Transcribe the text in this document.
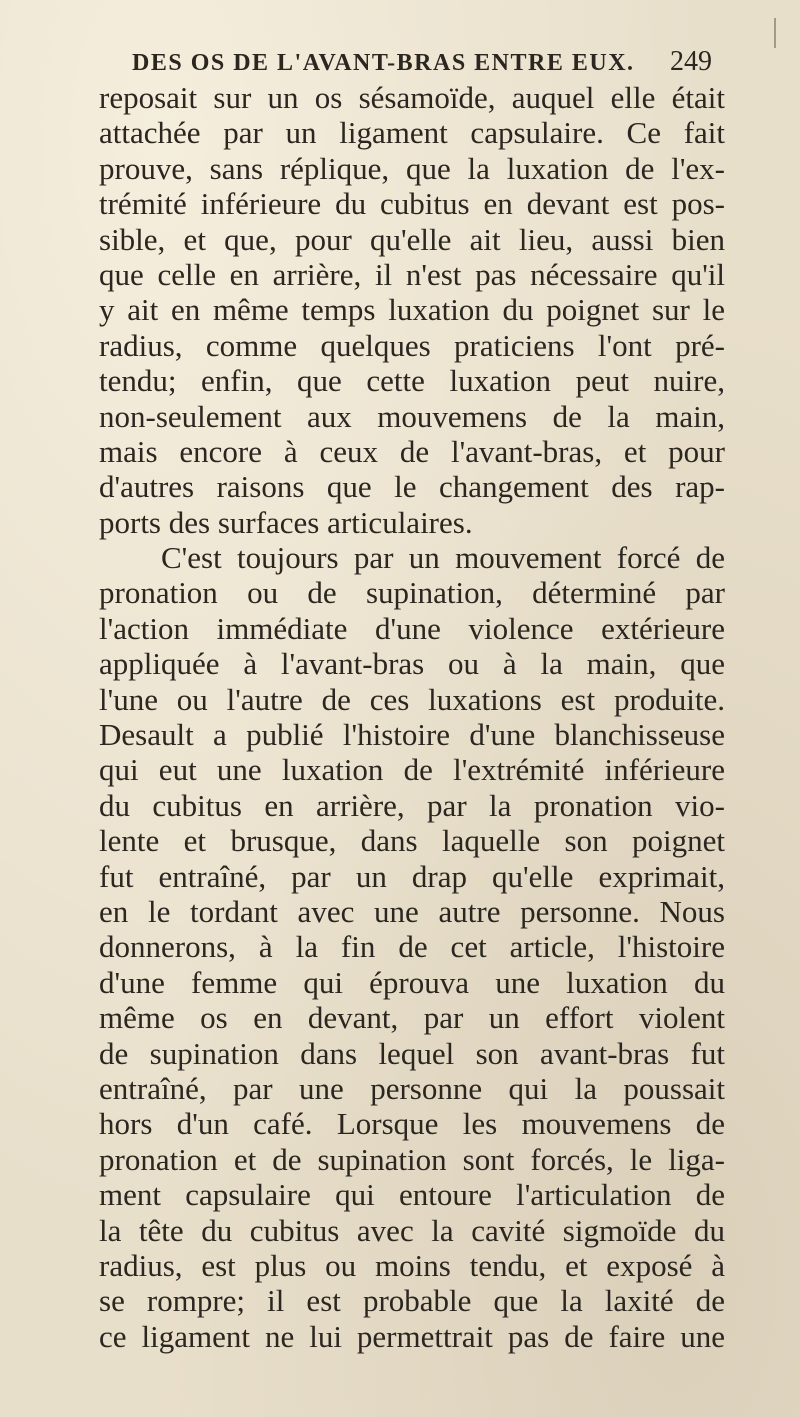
DES OS DE L'AVANT-BRAS ENTRE EUX. 249
reposait sur un os sésamoïde, auquel elle était
attachée par un ligament capsulaire. Ce fait
prouve, sans réplique, que la luxation de l'ex-
trémité inférieure du cubitus en devant est pos-
sible, et que, pour qu'elle ait lieu, aussi bien
que celle en arrière, il n'est pas nécessaire qu'il
y ait en même temps luxation du poignet sur le
radius, comme quelques praticiens l'ont pré-
tendu; enfin, que cette luxation peut nuire,
non-seulement aux mouvemens de la main,
mais encore à ceux de l'avant-bras, et pour
d'autres raisons que le changement des rap-
ports des surfaces articulaires.
C'est toujours par un mouvement forcé de
pronation ou de supination, déterminé par
l'action immédiate d'une violence extérieure
appliquée à l'avant-bras ou à la main, que
l'une ou l'autre de ces luxations est produite.
Desault a publié l'histoire d'une blanchisseuse
qui eut une luxation de l'extrémité inférieure
du cubitus en arrière, par la pronation vio-
lente et brusque, dans laquelle son poignet
fut entraîné, par un drap qu'elle exprimait,
en le tordant avec une autre personne. Nous
donnerons, à la fin de cet article, l'histoire
d'une femme qui éprouva une luxation du
même os en devant, par un effort violent
de supination dans lequel son avant-bras fut
entraîné, par une personne qui la poussait
hors d'un café. Lorsque les mouvemens de
pronation et de supination sont forcés, le liga-
ment capsulaire qui entoure l'articulation de
la tête du cubitus avec la cavité sigmoïde du
radius, est plus ou moins tendu, et exposé à
se rompre; il est probable que la laxité de
ce ligament ne lui permettrait pas de faire une
